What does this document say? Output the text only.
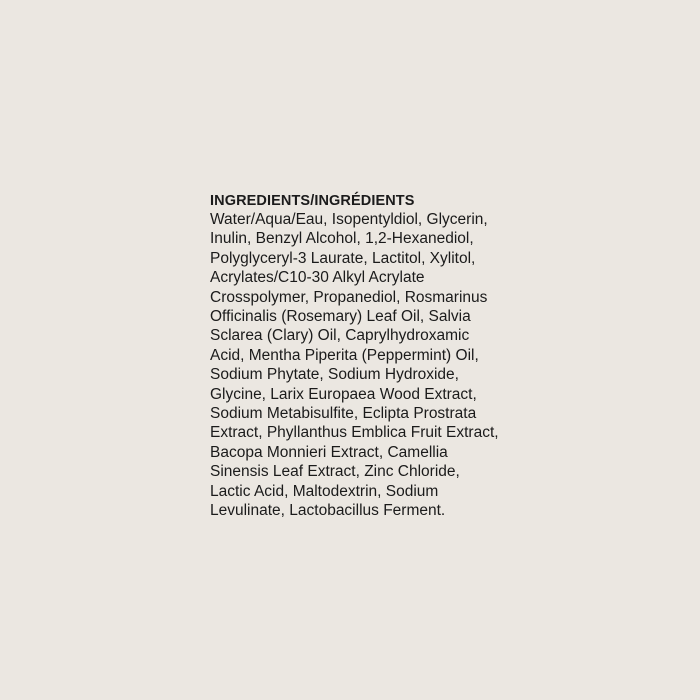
INGREDIENTS/INGRÉDIENTS
Water/Aqua/Eau, Isopentyldiol, Glycerin,
Inulin, Benzyl Alcohol, 1,2-Hexanediol,
Polyglyceryl-3 Laurate, Lactitol, Xylitol,
Acrylates/C10-30 Alkyl Acrylate
Crosspolymer, Propanediol, Rosmarinus
Officinalis (Rosemary) Leaf Oil, Salvia
Sclarea (Clary) Oil, Caprylhydroxamic
Acid, Mentha Piperita (Peppermint) Oil,
Sodium Phytate, Sodium Hydroxide,
Glycine, Larix Europaea Wood Extract,
Sodium Metabisulfite, Eclipta Prostrata
Extract, Phyllanthus Emblica Fruit Extract,
Bacopa Monnieri Extract, Camellia
Sinensis Leaf Extract, Zinc Chloride,
Lactic Acid, Maltodextrin, Sodium
Levulinate, Lactobacillus Ferment.
